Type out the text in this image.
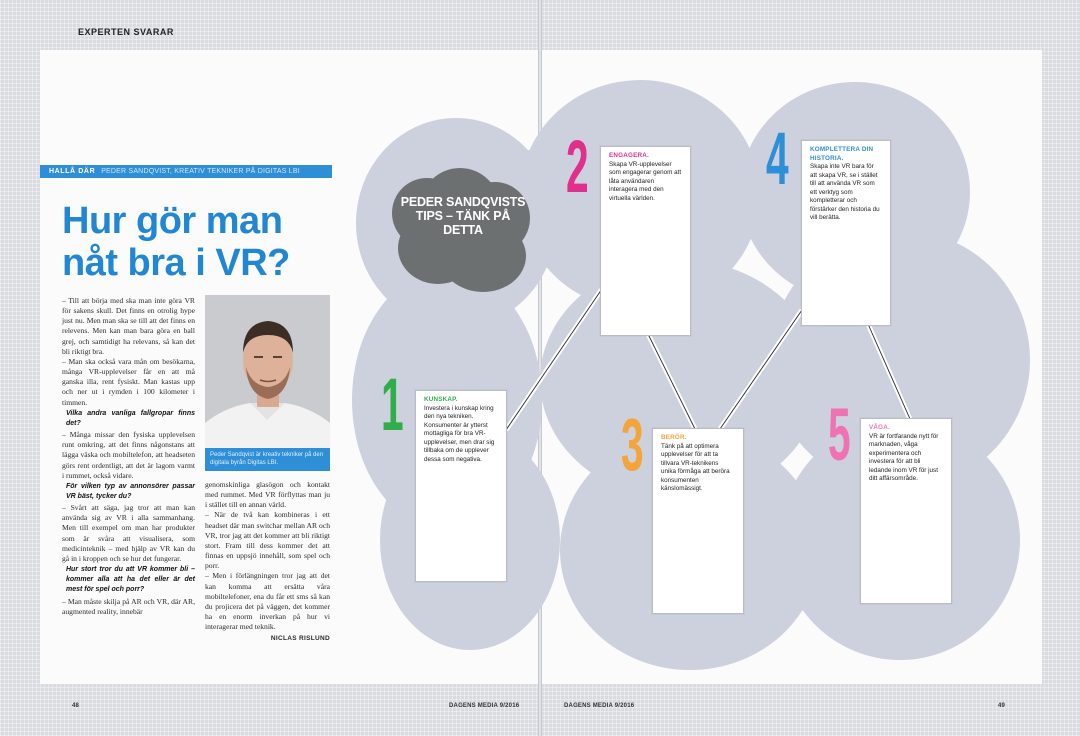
EXPERTEN SVARAR
HALLÅ DÄR PEDER SANDQVIST, KREATIV TEKNIKER PÅ DIGITAS LBI
Hur gör man
nåt bra i VR?

– Till att börja med ska man inte göra VR för sakens skull. Det finns en otrolig hype just nu. Men man ska se till att det finns en relevens. Men kan man bara göra en ball grej, och samtidigt ha relevans, så kan det bli riktigt bra.

– Man ska också vara mån om besökarna, många VR-upplevelser får en att må ganska illa, rent fysiskt. Man kastas upp och ner ut i rymden i 100 kilometer i timmen.

Vilka andra vanliga fallgropar finns det?

– Många missar den fysiska upplevelsen runt omkring, att det finns någonstans att lägga väska och mobiltelefon, att headseten görs rent ordentligt, att det är lagom varmt i rummet, också vidare.

För vilken typ av annonsörer passar VR bäst, tycker du?

– Svårt att säga, jag tror att man kan använda sig av VR i alla sammanhang. Men till exempel om man har produkter som är svåra att visualisera, som medicinteknik – med hjälp av VR kan du gå in i kroppen och se hur det fungerar.

Hur stort tror du att VR kommer bli – kommer alla att ha det eller är det mest för spel och porr?

– Man måste skilja på AR och VR, där AR, augmented reality, innebär

Peder Sandqvist är kreativ tekniker på den digitala byrån Digitas LBI.

genomskinliga glasögon och kontakt med rummet. Med VR förflyttas man ju i stället till en annan värld.

– När de två kan kombineras i ett headset där man switchar mellan AR och VR, tror jag att det kommer att bli riktigt stort. Fram till dess kommer det att finnas en uppsjö innehåll, som spel och porr.

– Men i förlängningen tror jag att det kan komma att ersätta våra mobiltelefoner, ena du får ett sms så kan du projicera det på väggen, det kommer ha en enorm inverkan på hur vi interagerar med teknik.

NICLAS RISLUND

48	DAGENS MEDIA 9/2016	DAGENS MEDIA 9/2016	49
PEDER SANDQVISTS TIPS – TÄNK PÅ DETTA
1
2
3
4
5
KUNSKAP.
Investera i kunskap kring den nya tekniken. Konsumenter är ytterst mottagliga för bra VR-upplevelser, men drar sig tillbaka om de upplever dessa som negativa.
ENGAGERA.
Skapa VR-upplevelser som engagerar genom att låta användaren interagera med den virtuella världen.
BERÖR.
Tänk på att optimera upplevelser för att ta tillvara VR-teknikens unika förmåga att beröra konsumenten känslomässigt.
KOMPLETTERA DIN HISTORIA.
Skapa inte VR bara för att skapa VR, se i stället till att använda VR som ett verktyg som kompletterar och förstärker den historia du vill berätta.
VÅGA.
VR är fortfarande nytt för marknaden, våga experimentera och investera för att bli ledande inom VR för just ditt affärsområde.
